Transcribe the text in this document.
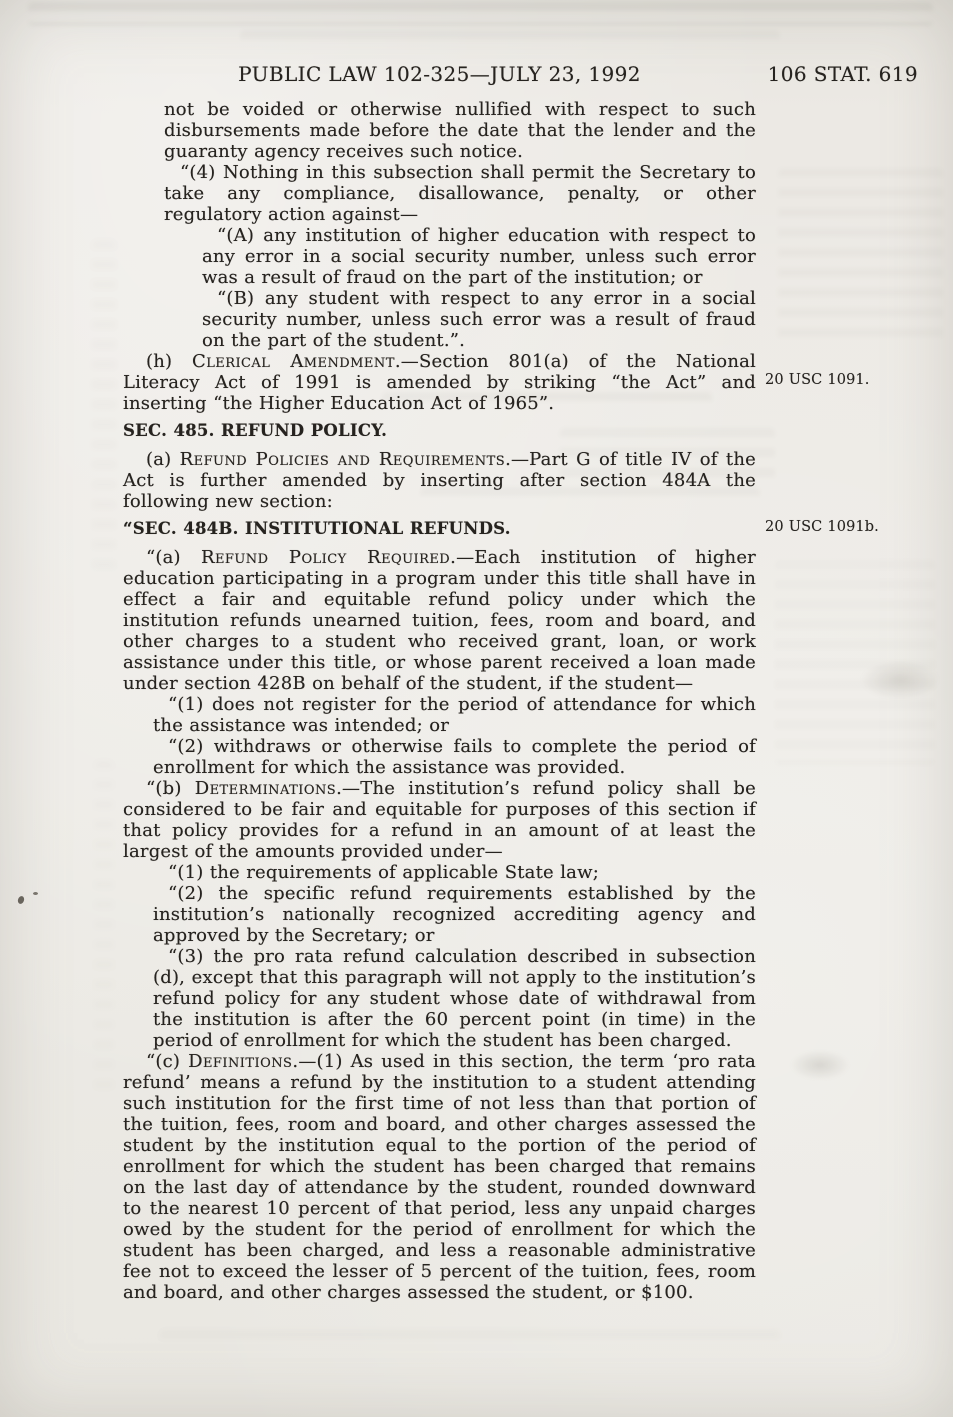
PUBLIC LAW 102-325—JULY 23, 1992	106 STAT. 619

not be voided or otherwise nullified with respect to such disbursements made before the date that the lender and the guaranty agency receives such notice.

“(4) Nothing in this subsection shall permit the Secretary to take any compliance, disallowance, penalty, or other regulatory action against—

“(A) any institution of higher education with respect to any error in a social security number, unless such error was a result of fraud on the part of the institution; or

“(B) any student with respect to any error in a social security number, unless such error was a result of fraud on the part of the student.”.

(h) Clerical Amendment.—Section 801(a) of the National Literacy Act of 1991 is amended by striking “the Act” and inserting “the Higher Education Act of 1965”.
20 USC 1091.

SEC. 485. REFUND POLICY.

(a) Refund Policies and Requirements.—Part G of title IV of the Act is further amended by inserting after section 484A the following new section:

“SEC. 484B. INSTITUTIONAL REFUNDS.	20 USC 1091b.

“(a) Refund Policy Required.—Each institution of higher education participating in a program under this title shall have in effect a fair and equitable refund policy under which the institution refunds unearned tuition, fees, room and board, and other charges to a student who received grant, loan, or work assistance under this title, or whose parent received a loan made under section 428B on behalf of the student, if the student—

“(1) does not register for the period of attendance for which the assistance was intended; or

“(2) withdraws or otherwise fails to complete the period of enrollment for which the assistance was provided.

“(b) Determinations.—The institution’s refund policy shall be considered to be fair and equitable for purposes of this section if that policy provides for a refund in an amount of at least the largest of the amounts provided under—

“(1) the requirements of applicable State law;

“(2) the specific refund requirements established by the institution’s nationally recognized accrediting agency and approved by the Secretary; or

“(3) the pro rata refund calculation described in subsection (d), except that this paragraph will not apply to the institution’s refund policy for any student whose date of withdrawal from the institution is after the 60 percent point (in time) in the period of enrollment for which the student has been charged.

“(c) Definitions.—(1) As used in this section, the term ‘pro rata refund’ means a refund by the institution to a student attending such institution for the first time of not less than that portion of the tuition, fees, room and board, and other charges assessed the student by the institution equal to the portion of the period of enrollment for which the student has been charged that remains on the last day of attendance by the student, rounded downward to the nearest 10 percent of that period, less any unpaid charges owed by the student for the period of enrollment for which the student has been charged, and less a reasonable administrative fee not to exceed the lesser of 5 percent of the tuition, fees, room and board, and other charges assessed the student, or $100.
